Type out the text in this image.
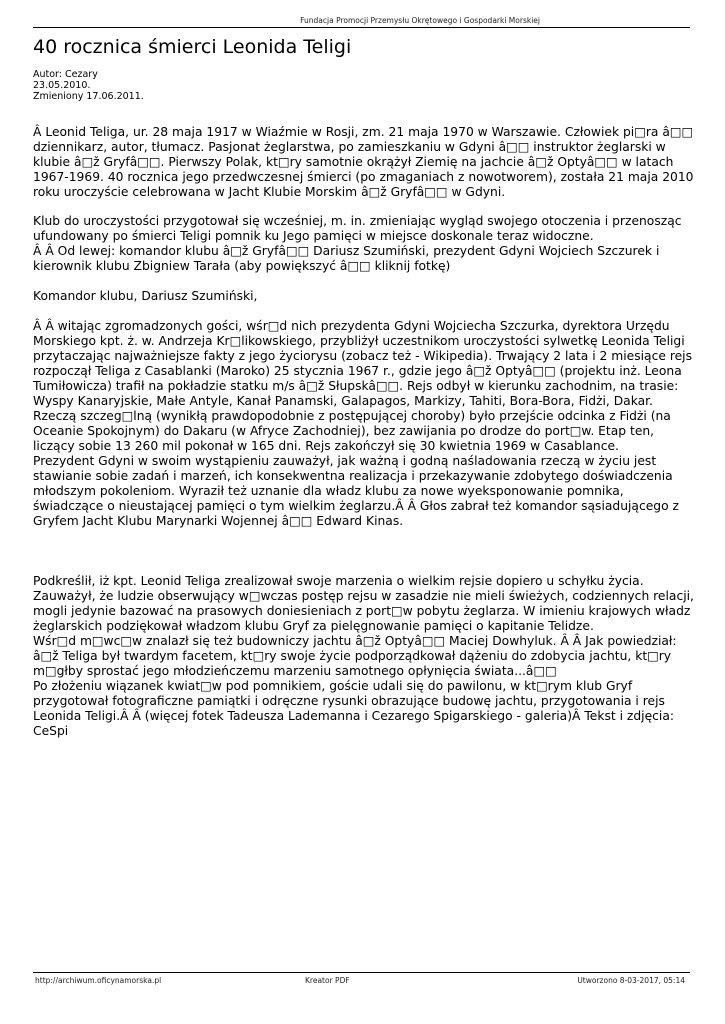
Fundacja Promocji Przemysłu Okrętowego i Gospodarki Morskiej
40 rocznica śmierci Leonida Teligi
Autor: Cezary
23.05.2010.
Zmieniony 17.06.2011.

Â Leonid Teliga, ur. 28 maja 1917 w Wiaźmie w Rosji, zm. 21 maja 1970 w Warszawie. Człowiek pi□ra â□□ dziennikarz, autor, tłumacz. Pasjonat żeglarstwa, po zamieszkaniu w Gdyni â□□ instruktor żeglarski w klubie â□ž Gryfâ□□. Pierwszy Polak, kt□ry samotnie okrążył Ziemię na jachcie â□ž Optyâ□□ w latach 1967-1969. 40 rocznica jego przedwczesnej śmierci (po zmaganiach z nowotworem), została 21 maja 2010 roku uroczyście celebrowana w Jacht Klubie Morskim â□ž Gryfâ□□ w Gdyni.

Klub do uroczystości przygotował się wcześniej, m. in. zmieniając wygląd swojego otoczenia i przenosząc ufundowany po śmierci Teligi pomnik ku Jego pamięci w miejsce doskonale teraz widoczne.

Â Â Od lewej: komandor klubu â□ž Gryfâ□□ Dariusz Szumiński, prezydent Gdyni Wojciech Szczurek i kierownik klubu Zbigniew Tarała (aby powiększyć â□□ kliknij fotkę)

Komandor klubu, Dariusz Szumiński,

Â Â witając zgromadzonych gości, wśr□d nich prezydenta Gdyni Wojciecha Szczurka, dyrektora Urzędu Morskiego kpt. ż. w. Andrzeja Kr□likowskiego, przybliżył uczestnikom uroczystości sylwetkę Leonida Teligi przytaczając najważniejsze fakty z jego życiorysu (zobacz też - Wikipedia). Trwający 2 lata i 2 miesiące rejs rozpoczął Teliga z Casablanki (Maroko) 25 stycznia 1967 r., gdzie jego â□ž Optyâ□□ (projektu inż. Leona Tumiłowicza) trafił na pokładzie statku m/s â□ž Słupskâ□□. Rejs odbył w kierunku zachodnim, na trasie: Wyspy Kanaryjskie, Małe Antyle, Kanał Panamski, Galapagos, Markizy, Tahiti, Bora-Bora, Fidżi, Dakar. Rzeczą szczeg□lną (wynikłą prawdopodobnie z postępującej choroby) było przejście odcinka z Fidżi (na Oceanie Spokojnym) do Dakaru (w Afryce Zachodniej), bez zawijania po drodze do port□w. Etap ten, liczący sobie 13 260 mil pokonał w 165 dni. Rejs zakończył się 30 kwietnia 1969 w Casablance.

Prezydent Gdyni w swoim wystąpieniu zauważył, jak ważną i godną naśladowania rzeczą w życiu jest stawianie sobie zadań i marzeń, ich konsekwentna realizacja i przekazywanie zdobytego doświadczenia młodszym pokoleniom. Wyraził też uznanie dla władz klubu za nowe wyeksponowanie pomnika, świadczące o nieustającej pamięci o tym wielkim żeglarzu.Â Â Głos zabrał też komandor sąsiadującego z Gryfem Jacht Klubu Marynarki Wojennej â□□ Edward Kinas.

Podkreślił, iż kpt. Leonid Teliga zrealizował swoje marzenia o wielkim rejsie dopiero u schyłku życia. Zauważył, że ludzie obserwujący w□wczas postęp rejsu w zasadzie nie mieli świeżych, codziennych relacji, mogli jedynie bazować na prasowych doniesieniach z port□w pobytu żeglarza. W imieniu krajowych władz żeglarskich podziękował władzom klubu Gryf za pielęgnowanie pamięci o kapitanie Telidze.

Wśr□d m□wc□w znalazł się też budowniczy jachtu â□ž Optyâ□□ Maciej Dowhyluk. Â Â Jak powiedział: â□ž Teliga był twardym facetem, kt□ry swoje życie podporządkował dążeniu do zdobycia jachtu, kt□ry m□głby sprostać jego młodzieńczemu marzeniu samotnego opłynięcia świata...â□□

Po złożeniu wiązanek kwiat□w pod pomnikiem, goście udali się do pawilonu, w kt□rym klub Gryf przygotował fotograficzne pamiątki i odręczne rysunki obrazujące budowę jachtu, przygotowania i rejs Leonida Teligi.Â Â (więcej fotek Tadeusza Lademanna i Cezarego Spigarskiego - galeria)Â Tekst i zdjęcia: CeSpi

http://archiwum.oficynamorska.pl	Kreator PDF	Utworzono 8-03-2017, 05:14
